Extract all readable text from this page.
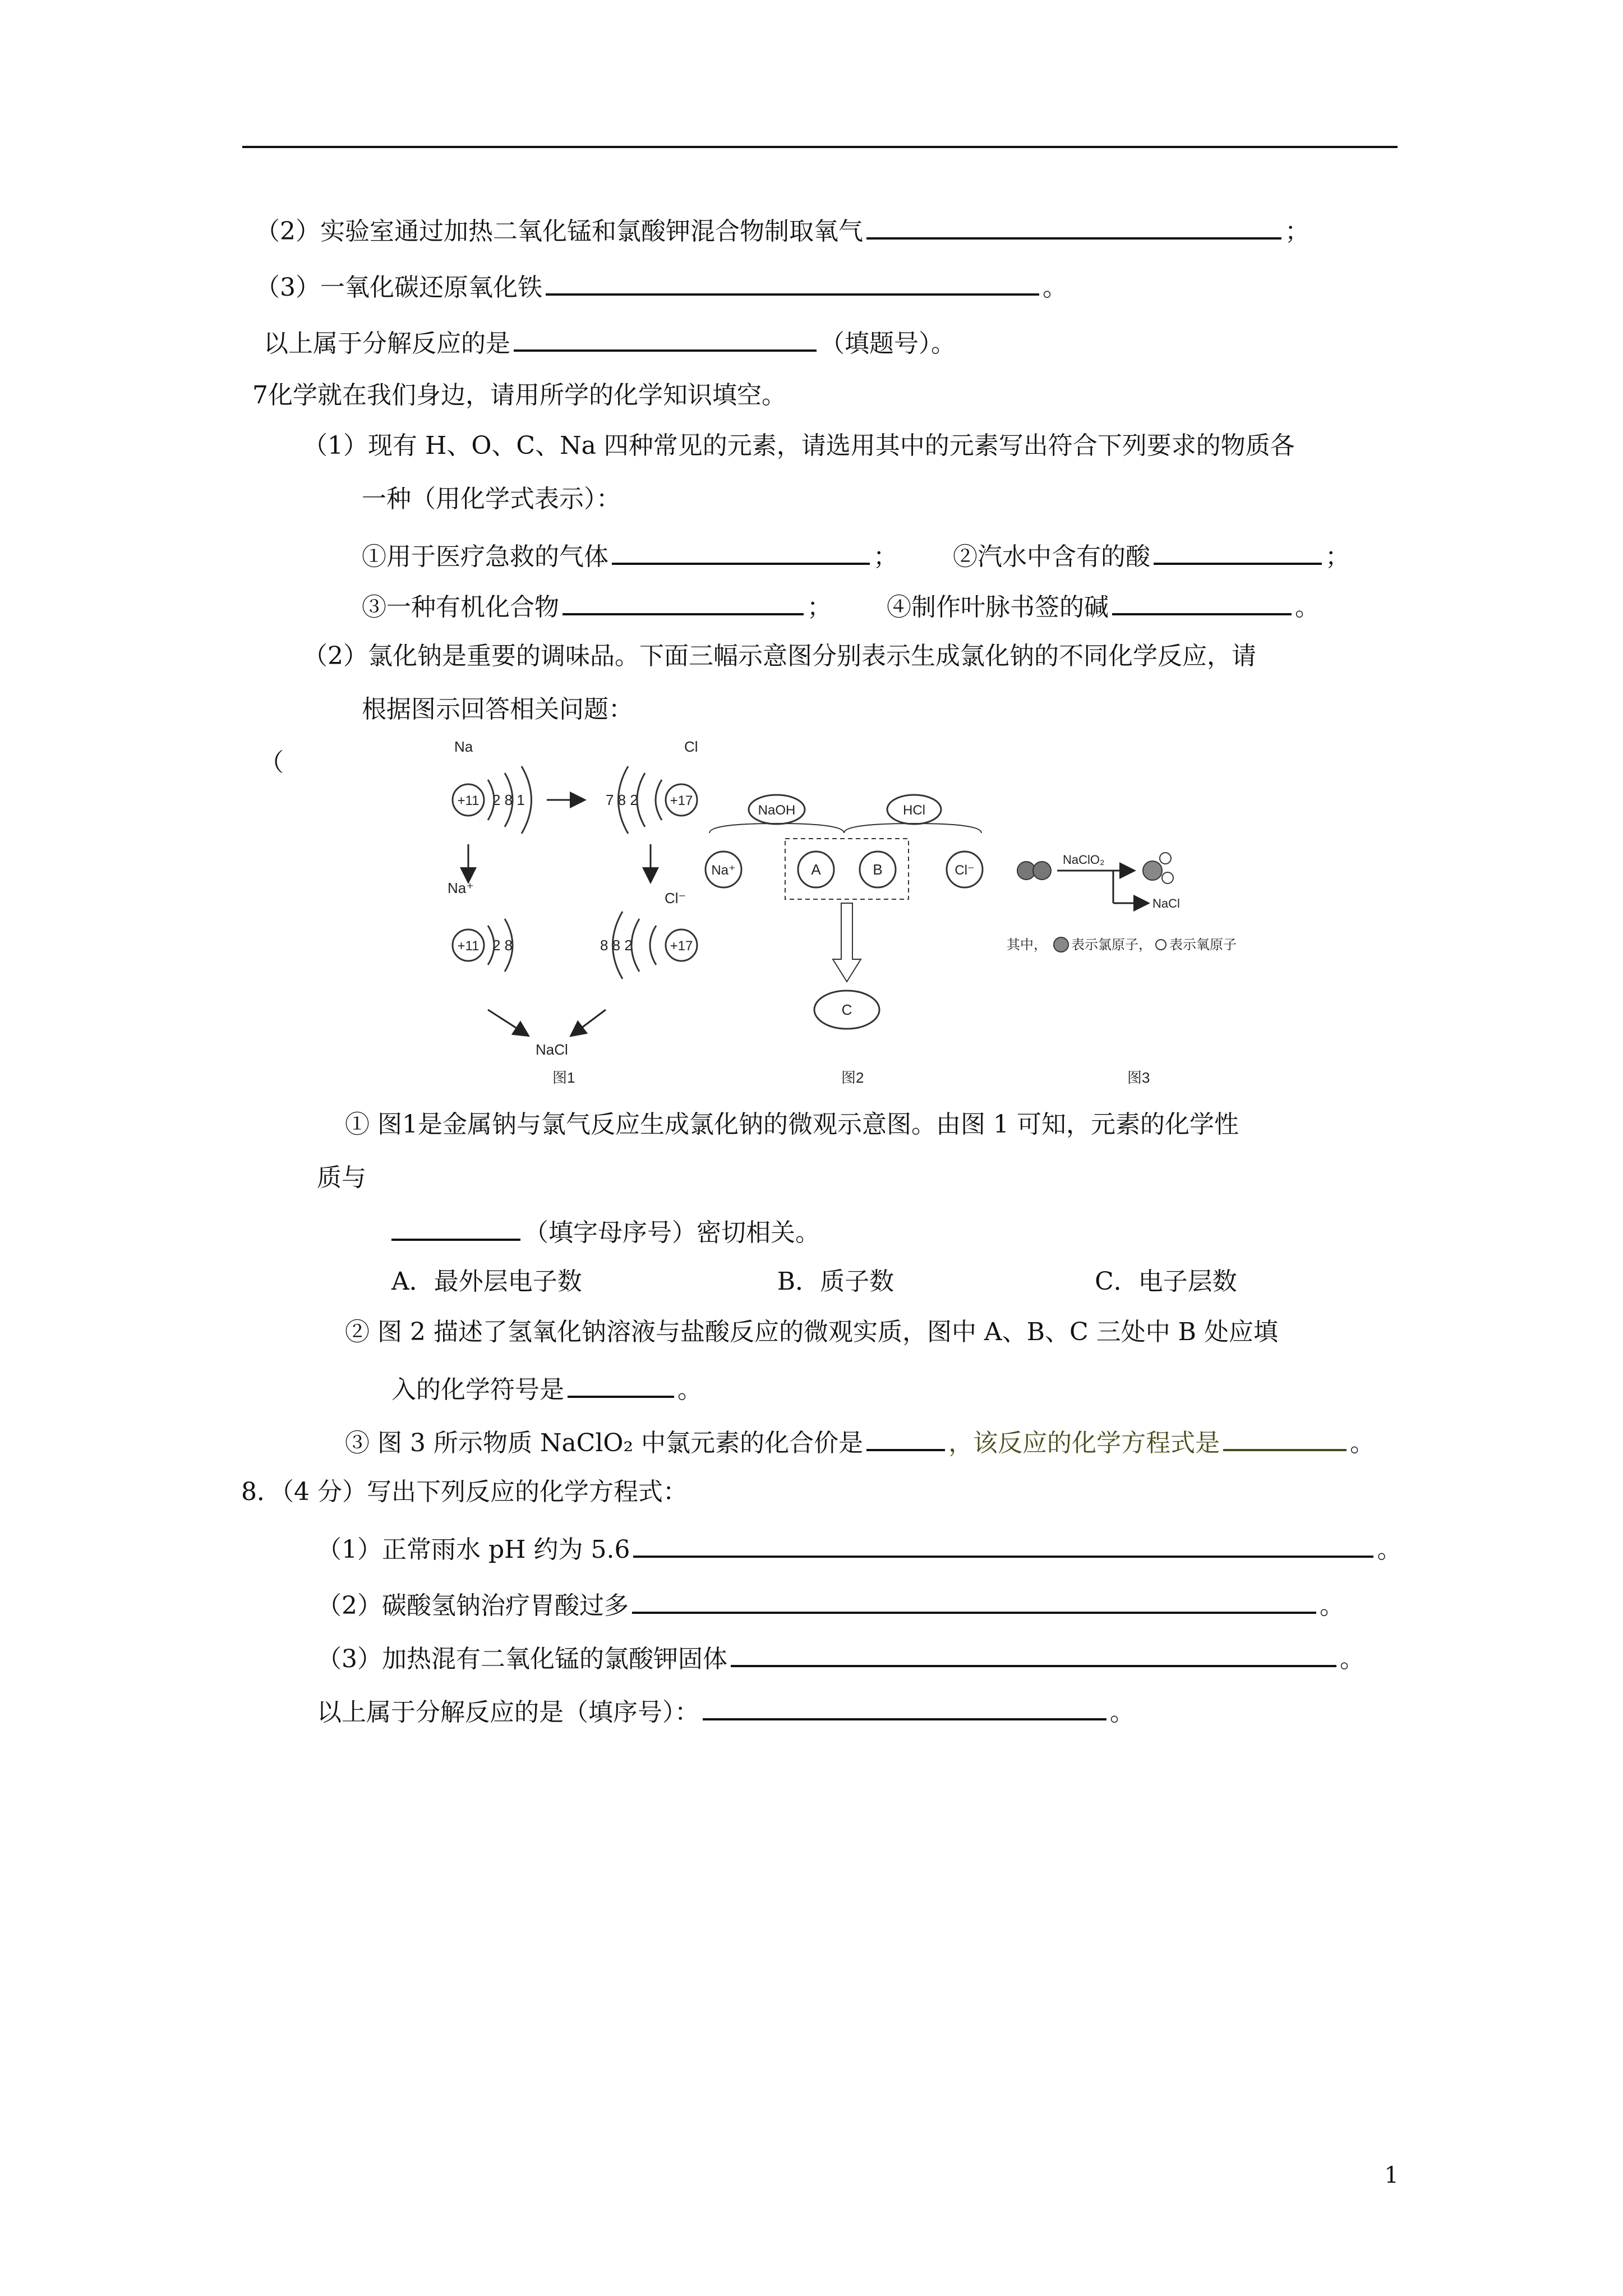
（2）实验室通过加热二氧化锰和氯酸钾混合物制取氧气	；
（3）一氧化碳还原氧化铁	。
以上属于分解反应的是	（填题号）。
7化学就在我们身边，请用所学的化学知识填空。
（1）现有 H、O、C、Na 四种常见的元素，请选用其中的元素写出符合下列要求的物质各
一种（用化学式表示）：
①用于医疗急救的气体	； ②汽水中含有的酸	；
③一种有机化合物	； ④制作叶脉书签的碱	。
（2）氯化钠是重要的调味品。下面三幅示意图分别表示生成氯化钠的不同化学反应，请
根据图示回答相关问题：
（
Na
+11 2 8 1
Cl
7 8 2 +17
Na⁺
Cl⁻
+11 2 8	8 8 2	+17
NaCl
图1
NaOH	HCl
Na⁺	A	B	Cl⁻
C
图2
NaClO₂
NaCl
其中， 表示氯原子， 表示氧原子
图3
① 图1是金属钠与氯气反应生成氯化钠的微观示意图。由图 1 可知，元素的化学性
质与
（填字母序号）密切相关。
A．最外层电子数	B．质子数	C．电子层数
② 图 2 描述了氢氧化钠溶液与盐酸反应的微观实质，图中 A、B、C 三处中 B 处应填
入的化学符号是	。
③ 图 3 所示物质 NaClO₂ 中氯元素的化合价是	，该反应的化学方程式是	。
8．（4 分）写出下列反应的化学方程式：
（1）正常雨水 pH 约为 5.6	。
（2）碳酸氢钠治疗胃酸过多	。
（3）加热混有二氧化锰的氯酸钾固体	。
以上属于分解反应的是（填序号）：	。
1
